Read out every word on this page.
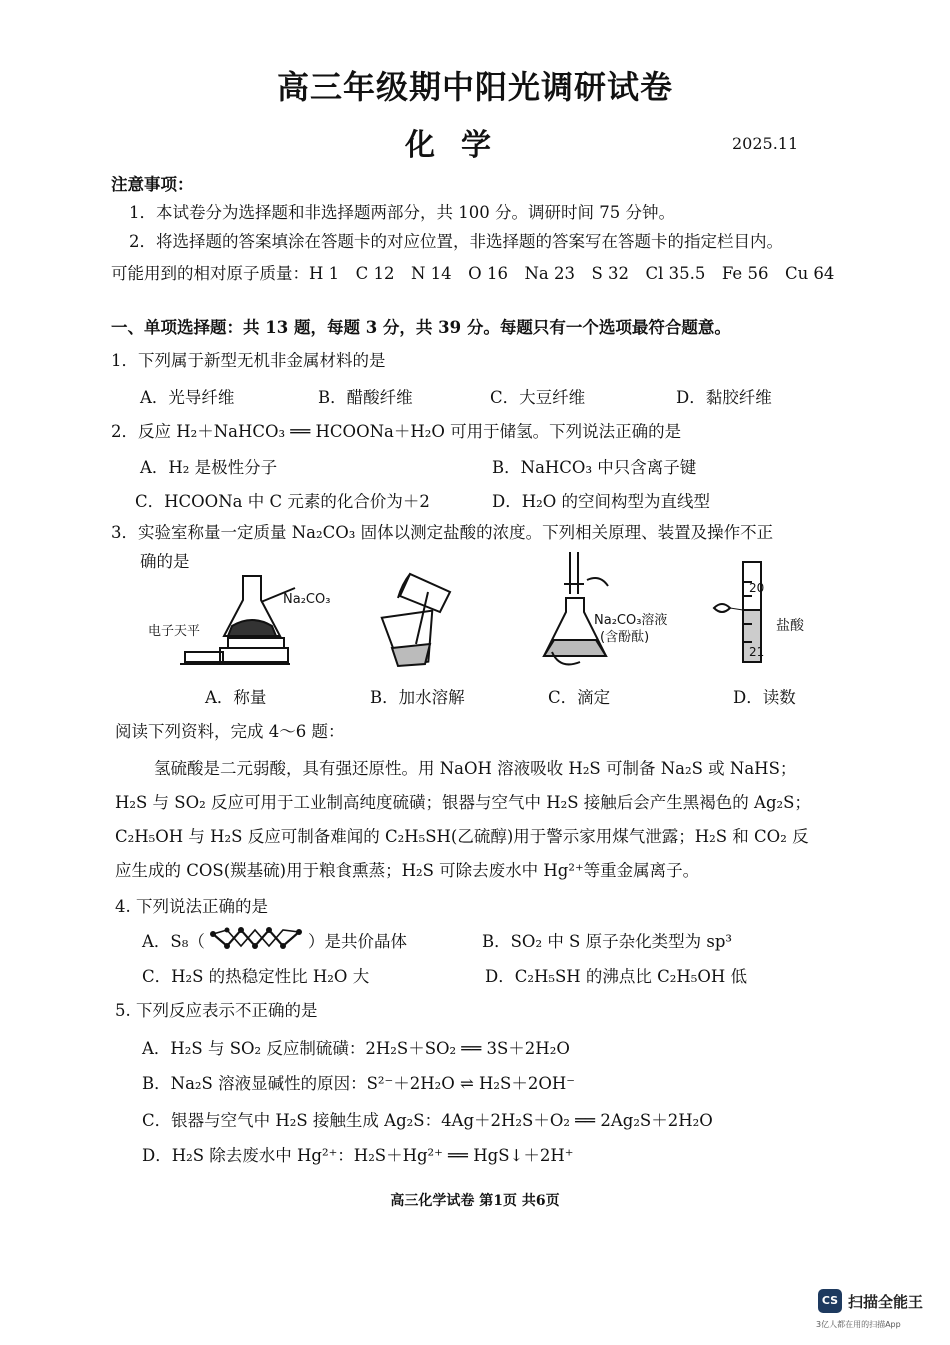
高三年级期中阳光调研试卷
化学	2025.11
注意事项：
1．本试卷分为选择题和非选择题两部分，共 100 分。调研时间 75 分钟。
2．将选择题的答案填涂在答题卡的对应位置，非选择题的答案写在答题卡的指定栏目内。
可能用到的相对原子质量：H 1　C 12　N 14　O 16　Na 23　S 32　Cl 35.5　Fe 56　Cu 64
一、单项选择题：共 13 题，每题 3 分，共 39 分。每题只有一个选项最符合题意。
1．下列属于新型无机非金属材料的是
A．光导纤维	B．醋酸纤维	C．大豆纤维	D．黏胶纤维
2．反应 H₂＋NaHCO₃ ══ HCOONa＋H₂O 可用于储氢。下列说法正确的是
A．H₂ 是极性分子	B．NaHCO₃ 中只含离子键
C．HCOONa 中 C 元素的化合价为＋2	D．H₂O 的空间构型为直线型
3．实验室称量一定质量 Na₂CO₃ 固体以测定盐酸的浓度。下列相关原理、装置及操作不正
确的是
电子天平
Na₂CO₃
Na₂CO₃溶液
(含酚酞)
20
21
盐酸
A．称量	B．加水溶解	C．滴定	D．读数
阅读下列资料，完成 4～6 题：
氢硫酸是二元弱酸，具有强还原性。用 NaOH 溶液吸收 H₂S 可制备 Na₂S 或 NaHS；
H₂S 与 SO₂ 反应可用于工业制高纯度硫磺；银器与空气中 H₂S 接触后会产生黑褐色的 Ag₂S；
C₂H₅OH 与 H₂S 反应可制备难闻的 C₂H₅SH(乙硫醇)用于警示家用煤气泄露；H₂S 和 CO₂ 反
应生成的 COS(羰基硫)用于粮食熏蒸；H₂S 可除去废水中 Hg²⁺等重金属离子。
4. 下列说法正确的是
A．S₈（	）是共价晶体	B．SO₂ 中 S 原子杂化类型为 sp³
C．H₂S 的热稳定性比 H₂O 大	D．C₂H₅SH 的沸点比 C₂H₅OH 低
5. 下列反应表示不正确的是
A．H₂S 与 SO₂ 反应制硫磺：2H₂S＋SO₂ ══ 3S＋2H₂O
B．Na₂S 溶液显碱性的原因：S²⁻＋2H₂O ⇌ H₂S＋2OH⁻
C．银器与空气中 H₂S 接触生成 Ag₂S：4Ag＋2H₂S＋O₂ ══ 2Ag₂S＋2H₂O
D．H₂S 除去废水中 Hg²⁺：H₂S＋Hg²⁺ ══ HgS↓＋2H⁺
高三化学试卷 第1页 共6页
CS 扫描全能王
3亿人都在用的扫描App
